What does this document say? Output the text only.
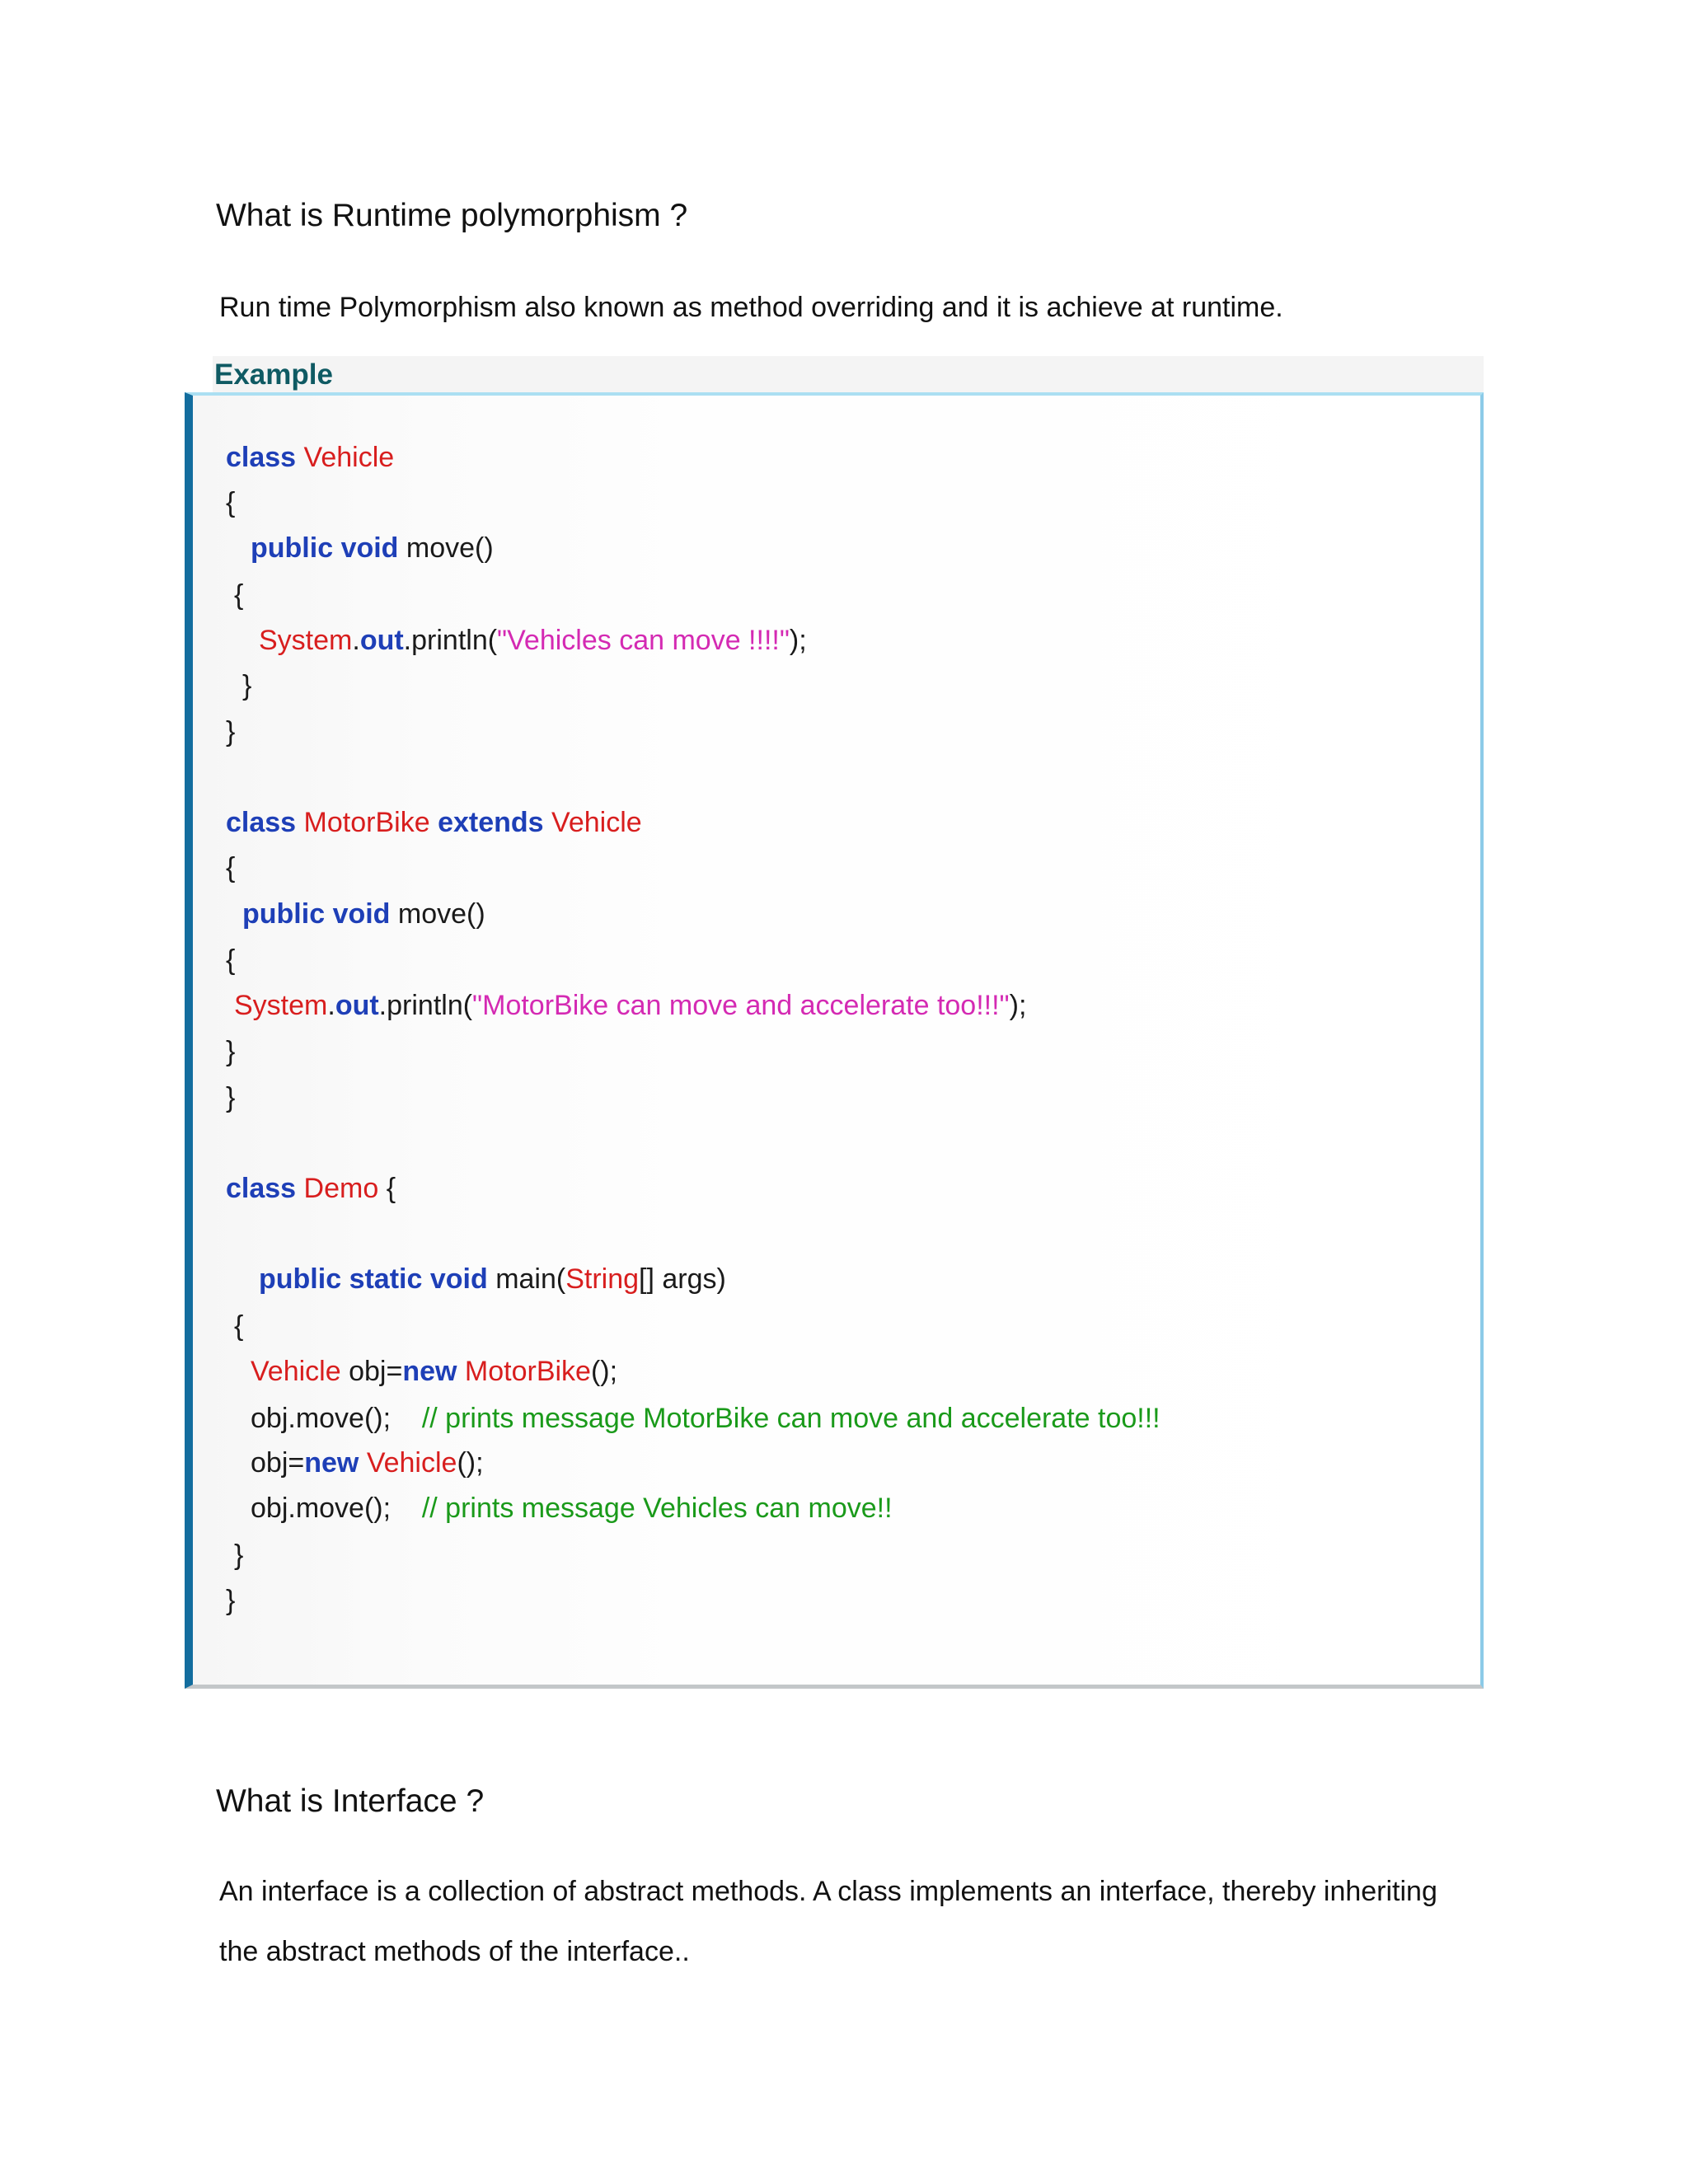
What is Runtime polymorphism ?

Run time Polymorphism also known as method overriding and it is achieve at runtime.

Example
class Vehicle
{
public void move()
{
System.out.println("Vehicles can move !!!!");
}
}
class MotorBike extends Vehicle
{
public void move()
{
System.out.println("MotorBike can move and accelerate too!!!");
}
}
class Demo {
public static void main(String[] args)
{
Vehicle obj=new MotorBike();
obj.move();    // prints message MotorBike can move and accelerate too!!!
obj=new Vehicle();
obj.move();    // prints message Vehicles can move!!
}
}
What is Interface ?

An interface is a collection of abstract methods. A class implements an interface, thereby inheriting

the abstract methods of the interface..
